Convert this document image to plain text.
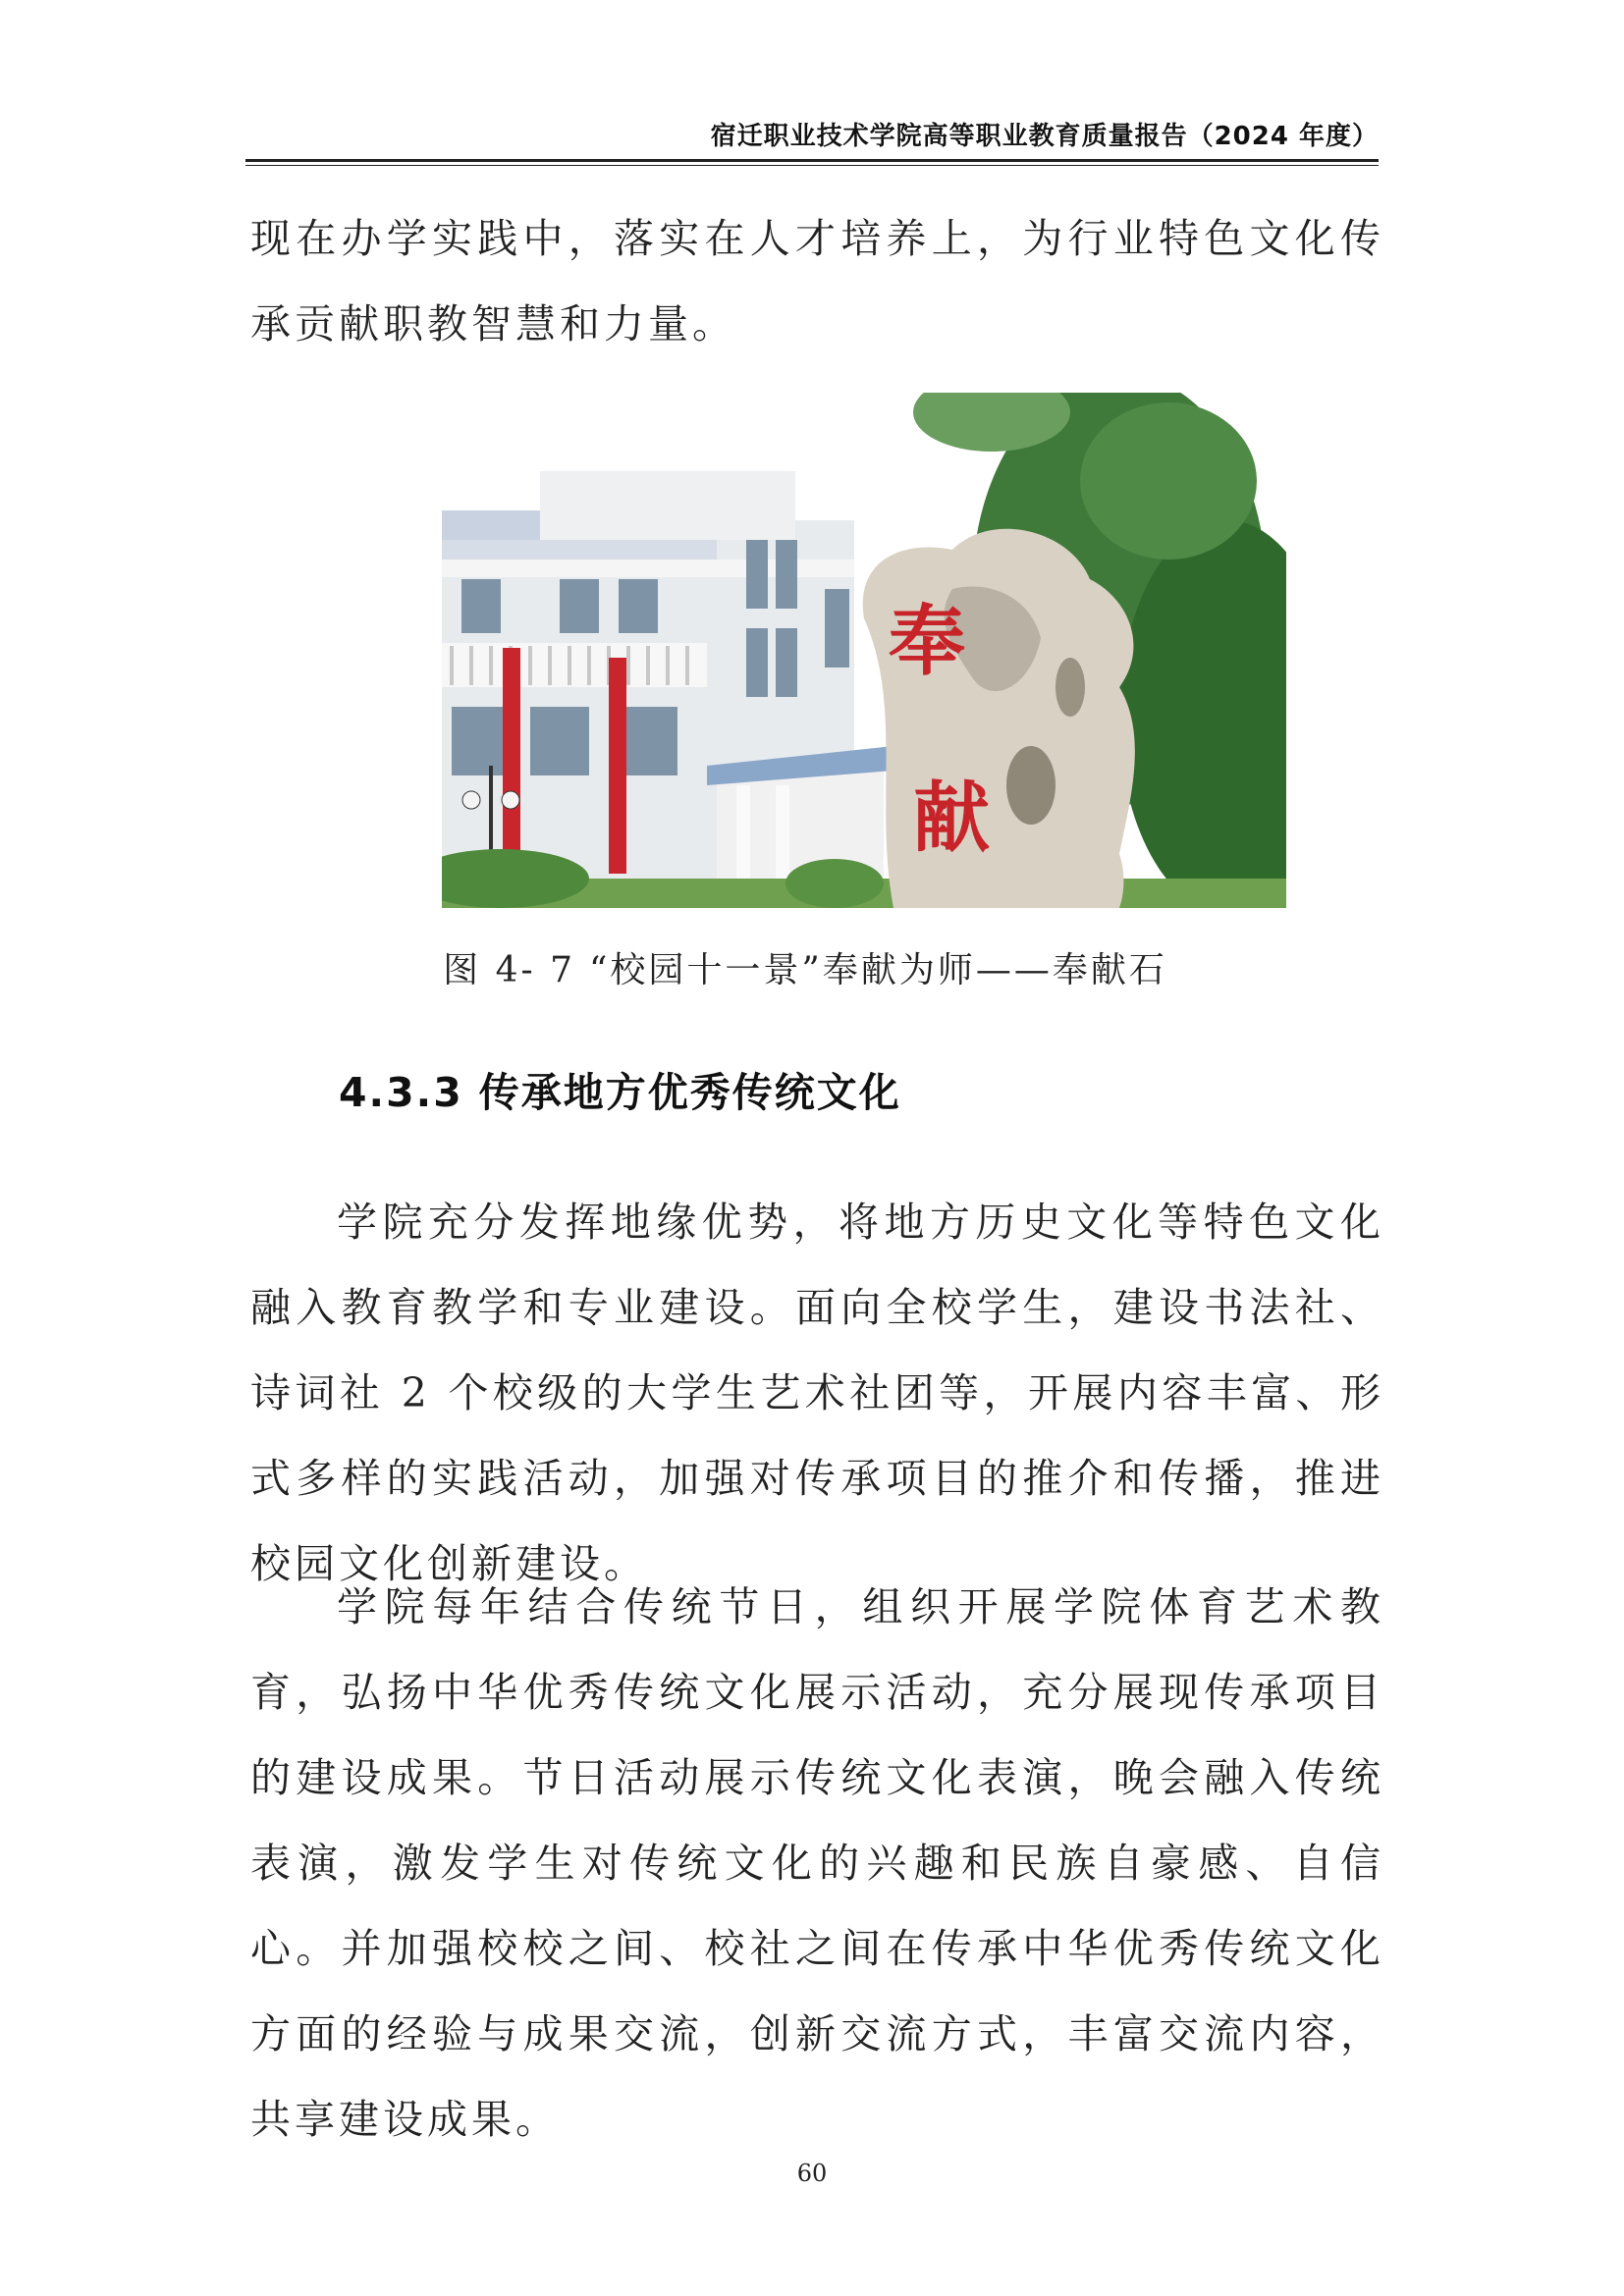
宿迁职业技术学院高等职业教育质量报告（2024 年度）

现在办学实践中，落实在人才培养上，为行业特色文化传承贡献职教智慧和力量。

奉
献
图 4- 7 “校园十一景”奉献为师——奉献石
4.3.3 传承地方优秀传统文化

学院充分发挥地缘优势，将地方历史文化等特色文化融入教育教学和专业建设。面向全校学生，建设书法社、诗词社 2 个校级的大学生艺术社团等，开展内容丰富、形式多样的实践活动，加强对传承项目的推介和传播，推进校园文化创新建设。

学院每年结合传统节日，组织开展学院体育艺术教育，弘扬中华优秀传统文化展示活动，充分展现传承项目的建设成果。节日活动展示传统文化表演，晚会融入传统表演，激发学生对传统文化的兴趣和民族自豪感、自信心。并加强校校之间、校社之间在传承中华优秀传统文化方面的经验与成果交流，创新交流方式，丰富交流内容，共享建设成果。

60
